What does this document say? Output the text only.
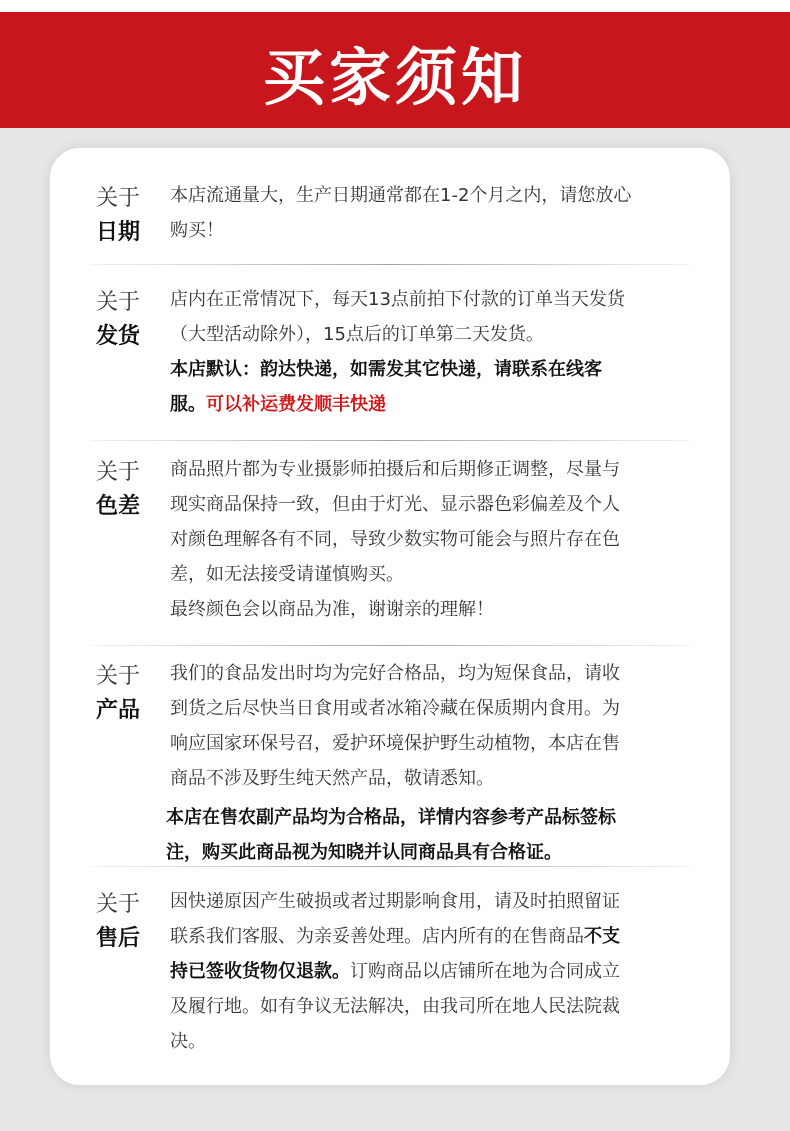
买家须知
关于
日期

本店流通量大，生产日期通常都在1-2个月之内，请您放心

购买！

关于
发货

店内在正常情况下，每天13点前拍下付款的订单当天发货

（大型活动除外），15点后的订单第二天发货。

本店默认：韵达快递，如需发其它快递，请联系在线客

服。可以补运费发顺丰快递

关于
色差

商品照片都为专业摄影师拍摄后和后期修正调整，尽量与

现实商品保持一致，但由于灯光、显示器色彩偏差及个人

对颜色理解各有不同，导致少数实物可能会与照片存在色

差，如无法接受请谨慎购买。

最终颜色会以商品为准，谢谢亲的理解！

关于
产品

我们的食品发出时均为完好合格品，均为短保食品，请收

到货之后尽快当日食用或者冰箱冷藏在保质期内食用。为

响应国家环保号召，爱护环境保护野生动植物，本店在售

商品不涉及野生纯天然产品，敬请悉知。

本店在售农副产品均为合格品，详情内容参考产品标签标

注，购买此商品视为知晓并认同商品具有合格证。

关于
售后

因快递原因产生破损或者过期影响食用，请及时拍照留证

联系我们客服、为亲妥善处理。店内所有的在售商品不支

持已签收货物仅退款。订购商品以店铺所在地为合同成立

及履行地。如有争议无法解决，由我司所在地人民法院裁

决。
